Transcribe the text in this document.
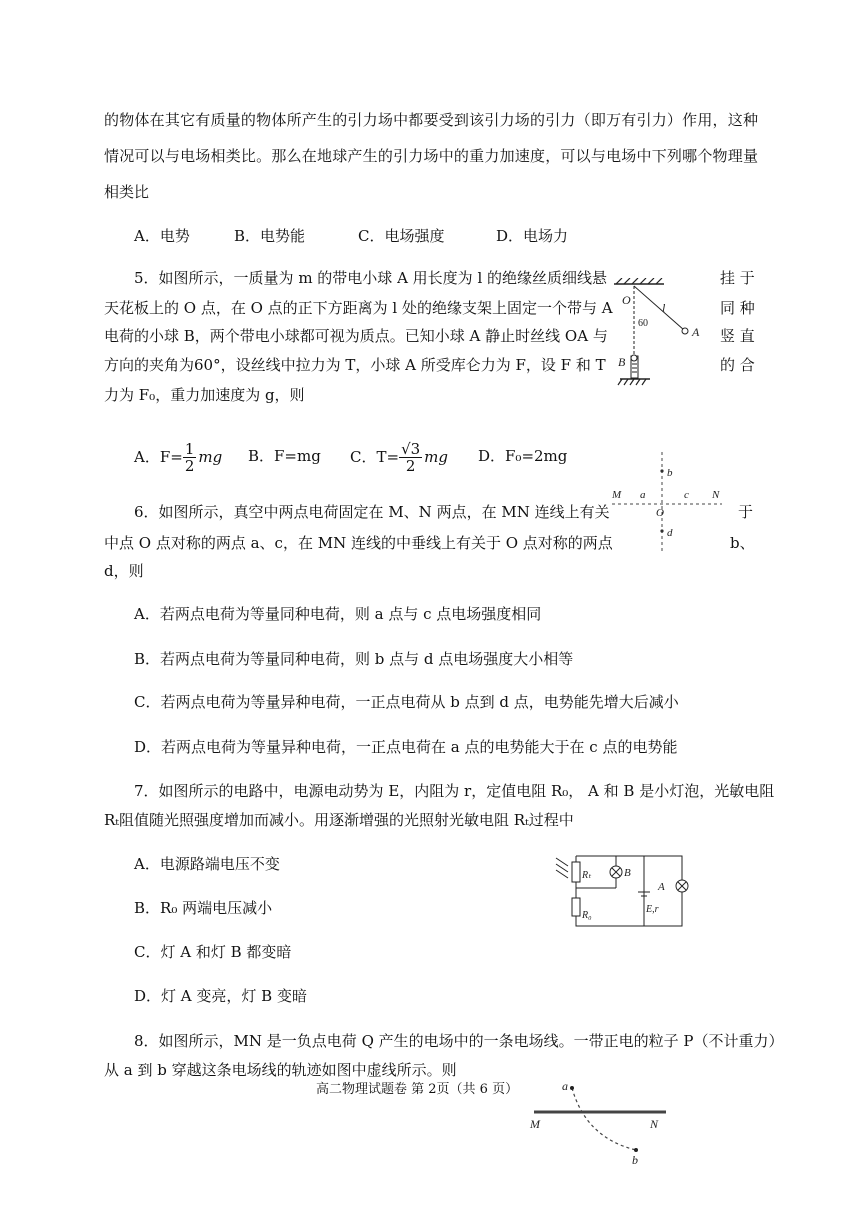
的物体在其它有质量的物体所产生的引力场中都要受到该引力场的引力（即万有引力）作用，这种
情况可以与电场相类比。那么在地球产生的引力场中的重力加速度，可以与电场中下列哪个物理量
相类比
A．电势	B．电势能	C．电场强度	D．电场力
5．如图所示，一质量为 m 的带电小球 A 用长度为 l 的绝缘丝质细线悬	挂 于
天花板上的 O 点，在 O 点的正下方距离为 l 处的绝缘支架上固定一个带与 A	同 种
电荷的小球 B，两个带电小球都可视为质点。已知小球 A 静止时丝线 OA 与	竖 直
方向的夹角为60°，设丝线中拉力为 T，小球 A 所受库仑力为 F，设 F 和 T	的 合
力为 F₀，重力加速度为 g，则
O
l
A
60
B
A．$F= \frac{1}{2}$ mg B．F=mg C．$T= \frac{√3}{2}$ mg D．F₀=2mg
6．如图所示，真空中两点电荷固定在 M、N 两点，在 MN 连线上有关	于
中点 O 点对称的两点 a、c，在 MN 连线的中垂线上有关于 O 点对称的两点	b、
d，则
M a
O
c N
b
d
A．若两点电荷为等量同种电荷，则 a 点与 c 点电场强度相同
B．若两点电荷为等量同种电荷，则 b 点与 d 点电场强度大小相等
C．若两点电荷为等量异种电荷，一正点电荷从 b 点到 d 点，电势能先增大后减小
D．若两点电荷为等量异种电荷，一正点电荷在 a 点的电势能大于在 c 点的电势能
7．如图所示的电路中，电源电动势为 E，内阻为 r，定值电阻 R₀， A 和 B 是小灯泡，光敏电阻
Rₜ阻值随光照强度增加而减小。用逐渐增强的光照射光敏电阻 Rₜ过程中
Rₜ
R₀
B
A
E,r
A．电源路端电压不变
B．R₀ 两端电压减小
C．灯 A 和灯 B 都变暗
D．灯 A 变亮，灯 B 变暗
8．如图所示，MN 是一负点电荷 Q 产生的电场中的一条电场线。一带正电的粒子 P（不计重力）
从 a 到 b 穿越这条电场线的轨迹如图中虚线所示。则
高二物理试题卷 第 2页（共 6 页）	a
b
M	N
